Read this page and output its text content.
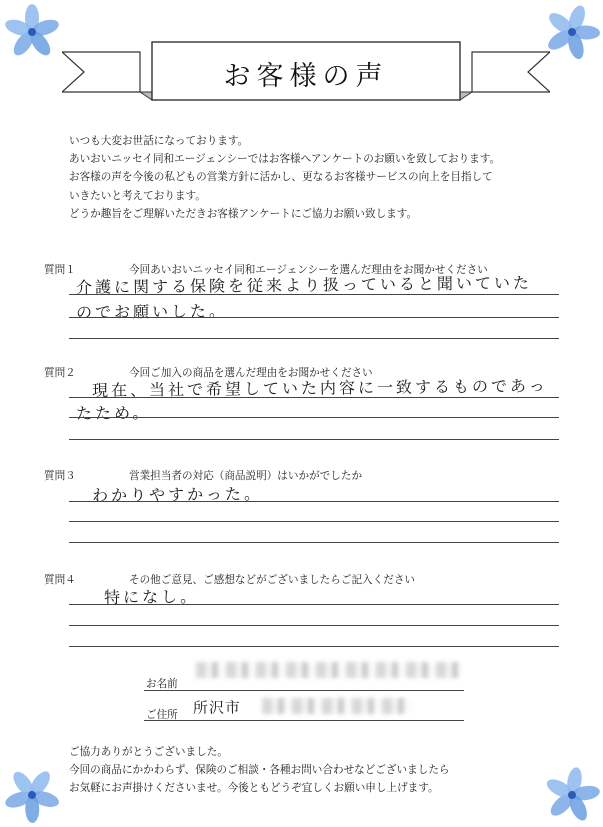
お客様の声
いつも大変お世話になっております。
あいおいニッセイ同和エージェンシーではお客様へアンケートのお願いを致しております。
お客様の声を今後の私どもの営業方針に活かし、更なるお客様サービスの向上を目指して
いきたいと考えております。
どうか趣旨をご理解いただきお客様アンケートにご協力お願い致します。
質問１	今回あいおいニッセイ同和エージェンシーを選んだ理由をお聞かせください
介護に関する保険を従来より扱っていると聞いていた
のでお願いした。
質問２	今回ご加入の商品を選んだ理由をお聞かせください
現在、当社で希望していた内容に一致するものであっ
たため。
質問３	営業担当者の対応（商品説明）はいかがでしたか
わかりやすかった。
質問４	その他ご意見、ご感想などがございましたらご記入ください
特になし。
お名前
ご住所 所沢市
ご協力ありがとうございました。
今回の商品にかかわらず、保険のご相談・各種お問い合わせなどございましたら
お気軽にお声掛けくださいませ。今後ともどうぞ宜しくお願い申し上げます。
